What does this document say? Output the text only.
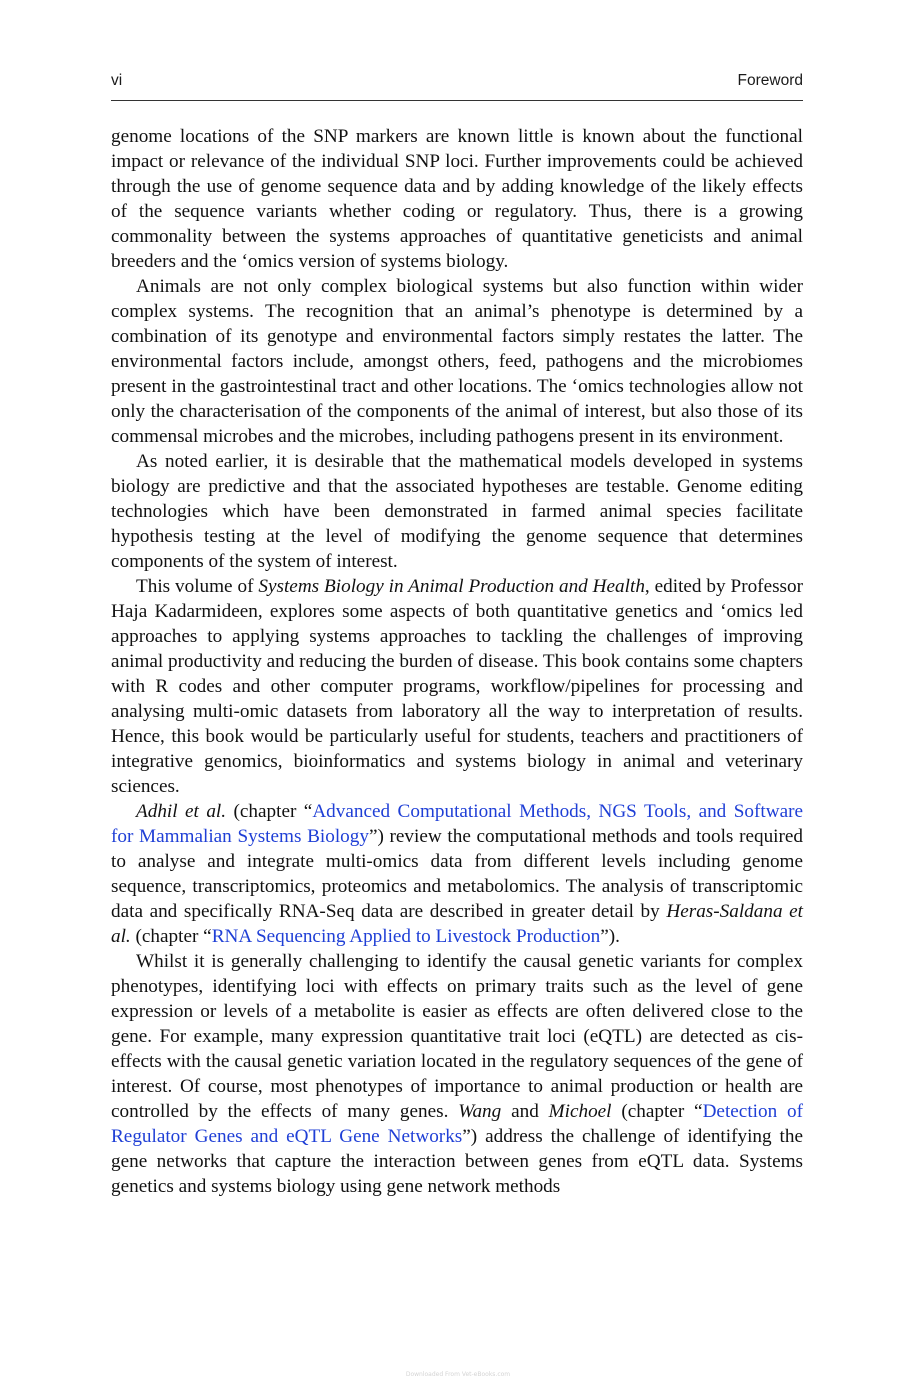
vi	Foreword

genome locations of the SNP markers are known little is known about the functional impact or relevance of the individual SNP loci. Further improvements could be achieved through the use of genome sequence data and by adding knowledge of the likely effects of the sequence variants whether coding or regulatory. Thus, there is a growing commonality between the systems approaches of quantitative geneticists and animal breeders and the ‘omics version of systems biology.

Animals are not only complex biological systems but also function within wider complex systems. The recognition that an animal’s phenotype is determined by a combination of its genotype and environmental factors simply restates the latter. The environmental factors include, amongst others, feed, pathogens and the microbiomes present in the gastrointestinal tract and other locations. The ‘omics technologies allow not only the characterisation of the components of the animal of interest, but also those of its commensal microbes and the microbes, including pathogens present in its environment.

As noted earlier, it is desirable that the mathematical models developed in systems biology are predictive and that the associated hypotheses are testable. Genome editing technologies which have been demonstrated in farmed animal species facilitate hypothesis testing at the level of modifying the genome sequence that determines components of the system of interest.

This volume of Systems Biology in Animal Production and Health, edited by Professor Haja Kadarmideen, explores some aspects of both quantitative genetics and ‘omics led approaches to applying systems approaches to tackling the challenges of improving animal productivity and reducing the burden of disease. This book contains some chapters with R codes and other computer programs, workflow/​pipelines for processing and analysing multi-omic datasets from laboratory all the way to interpretation of results. Hence, this book would be particularly useful for students, teachers and practitioners of integrative genomics, bioinformatics and systems biology in animal and veterinary sciences.

Adhil et al. (chapter “Advanced Computational Methods, NGS Tools, and Software for Mammalian Systems Biology”) review the computational methods and tools required to analyse and integrate multi-omics data from different levels including genome sequence, transcriptomics, proteomics and metabolomics. The analysis of transcriptomic data and specifically RNA-Seq data are described in greater detail by Heras-Saldana et al. (chapter “RNA Sequencing Applied to Livestock Production”).

Whilst it is generally challenging to identify the causal genetic variants for complex phenotypes, identifying loci with effects on primary traits such as the level of gene expression or levels of a metabolite is easier as effects are often delivered close to the gene. For example, many expression quantitative trait loci (eQTL) are detected as cis-effects with the causal genetic variation located in the regulatory sequences of the gene of interest. Of course, most phenotypes of importance to animal production or health are controlled by the effects of many genes. Wang and Michoel (chapter “Detection of Regulator Genes and eQTL Gene Networks”) address the challenge of identifying the gene networks that capture the interaction between genes from eQTL data. Systems genetics and systems biology using gene network methods

Downloaded From Vet-eBooks.com
